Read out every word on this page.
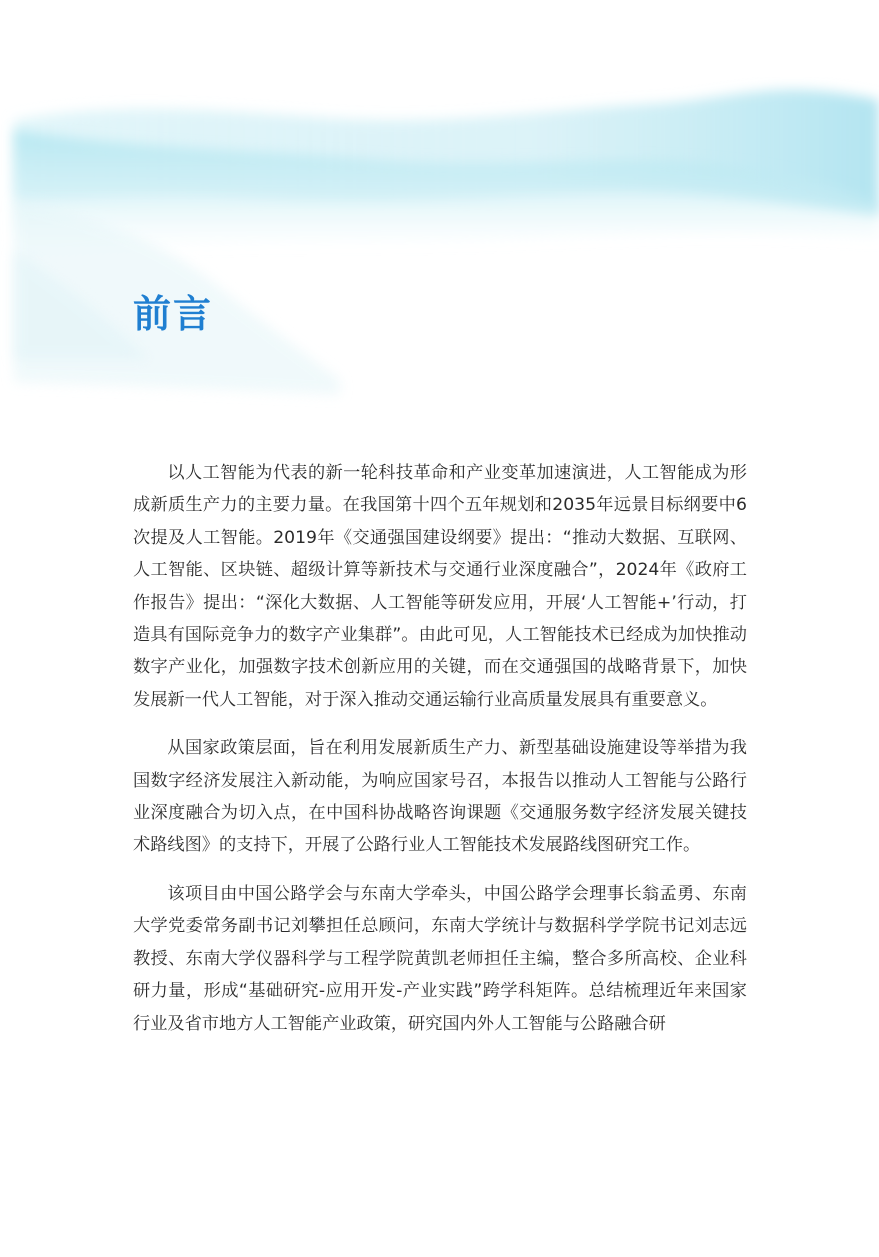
前言

以人工智能为代表的新一轮科技革命和产业变革加速演进，人工智能成为形成新质生产力的主要力量。在我国第十四个五年规划和2035年远景目标纲要中6次提及人工智能。2019年《交通强国建设纲要》提出：“推动大数据、互联网、人工智能、区块链、超级计算等新技术与交通行业深度融合”，2024年《政府工作报告》提出：“深化大数据、人工智能等研发应用，开展‘人工智能+’行动，打造具有国际竞争力的数字产业集群”。由此可见，人工智能技术已经成为加快推动数字产业化，加强数字技术创新应用的关键，而在交通强国的战略背景下，加快发展新一代人工智能，对于深入推动交通运输行业高质量发展具有重要意义。

从国家政策层面，旨在利用发展新质生产力、新型基础设施建设等举措为我国数字经济发展注入新动能，为响应国家号召，本报告以推动人工智能与公路行业深度融合为切入点，在中国科协战略咨询课题《交通服务数字经济发展关键技术路线图》的支持下，开展了公路行业人工智能技术发展路线图研究工作。

该项目由中国公路学会与东南大学牵头，中国公路学会理事长翁孟勇、东南大学党委常务副书记刘攀担任总顾问，东南大学统计与数据科学学院书记刘志远教授、东南大学仪器科学与工程学院黄凯老师担任主编，整合多所高校、企业科研力量，形成“基础研究-应用开发-产业实践”跨学科矩阵。总结梳理近年来国家行业及省市地方人工智能产业政策，研究国内外人工智能与公路融合研
